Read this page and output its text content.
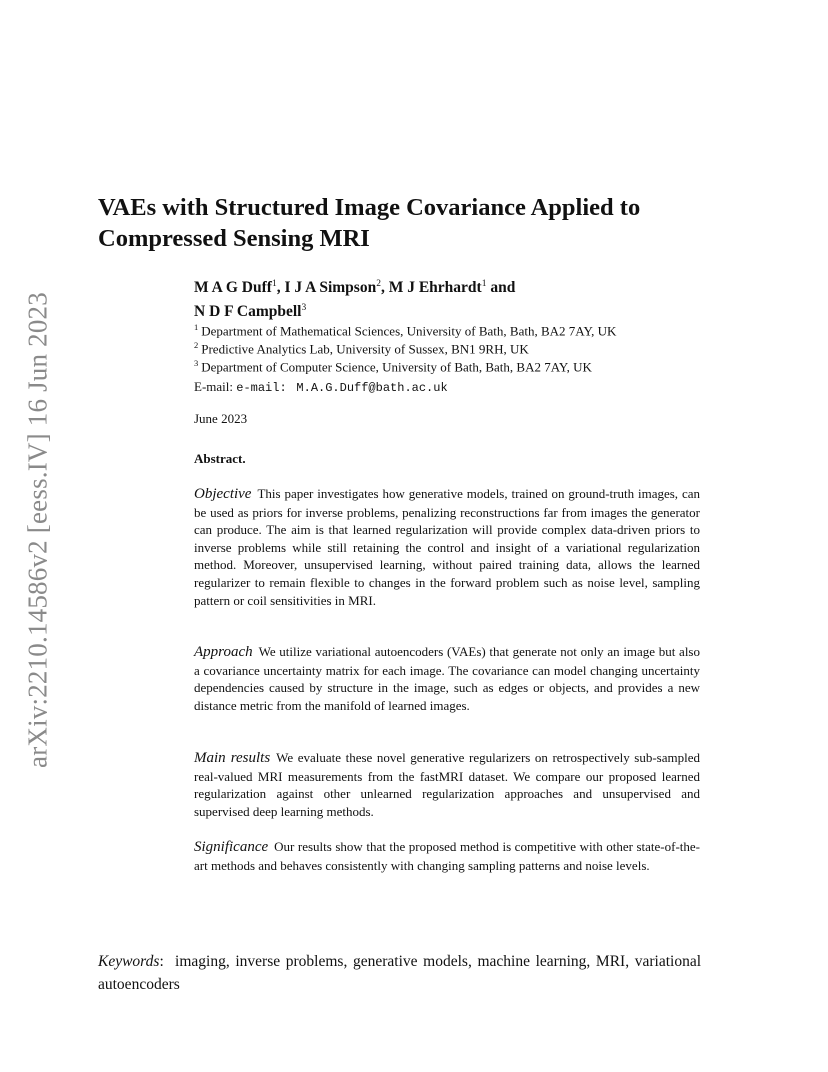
arXiv:2210.14586v2 [eess.IV] 16 Jun 2023
VAEs with Structured Image Covariance Applied to Compressed Sensing MRI
M A G Duff$^1$, I J A Simpson$^2$, M J Ehrhardt$^1$ and
N D F Campbell$^3$
$^1$ Department of Mathematical Sciences, University of Bath, Bath, BA2 7AY, UK
$^2$ Predictive Analytics Lab, University of Sussex, BN1 9RH, UK
$^3$ Department of Computer Science, University of Bath, Bath, BA2 7AY, UK
E-mail: e-mail: M.A.G.Duff@bath.ac.uk
June 2023
Abstract.
Objective This paper investigates how generative models, trained on ground-truth images, can be used as priors for inverse problems, penalizing reconstructions far from images the generator can produce. The aim is that learned regularization will provide complex data-driven priors to inverse problems while still retaining the control and insight of a variational regularization method. Moreover, unsupervised learning, without paired training data, allows the learned regularizer to remain flexible to changes in the forward problem such as noise level, sampling pattern or coil sensitivities in MRI.
Approach We utilize variational autoencoders (VAEs) that generate not only an image but also a covariance uncertainty matrix for each image. The covariance can model changing uncertainty dependencies caused by structure in the image, such as edges or objects, and provides a new distance metric from the manifold of learned images.
Main results We evaluate these novel generative regularizers on retrospectively sub-sampled real-valued MRI measurements from the fastMRI dataset. We compare our proposed learned regularization against other unlearned regularization approaches and unsupervised and supervised deep learning methods.
Significance Our results show that the proposed method is competitive with other state-of-the-art methods and behaves consistently with changing sampling patterns and noise levels.
Keywords:  imaging, inverse problems, generative models, machine learning, MRI, variational autoencoders
